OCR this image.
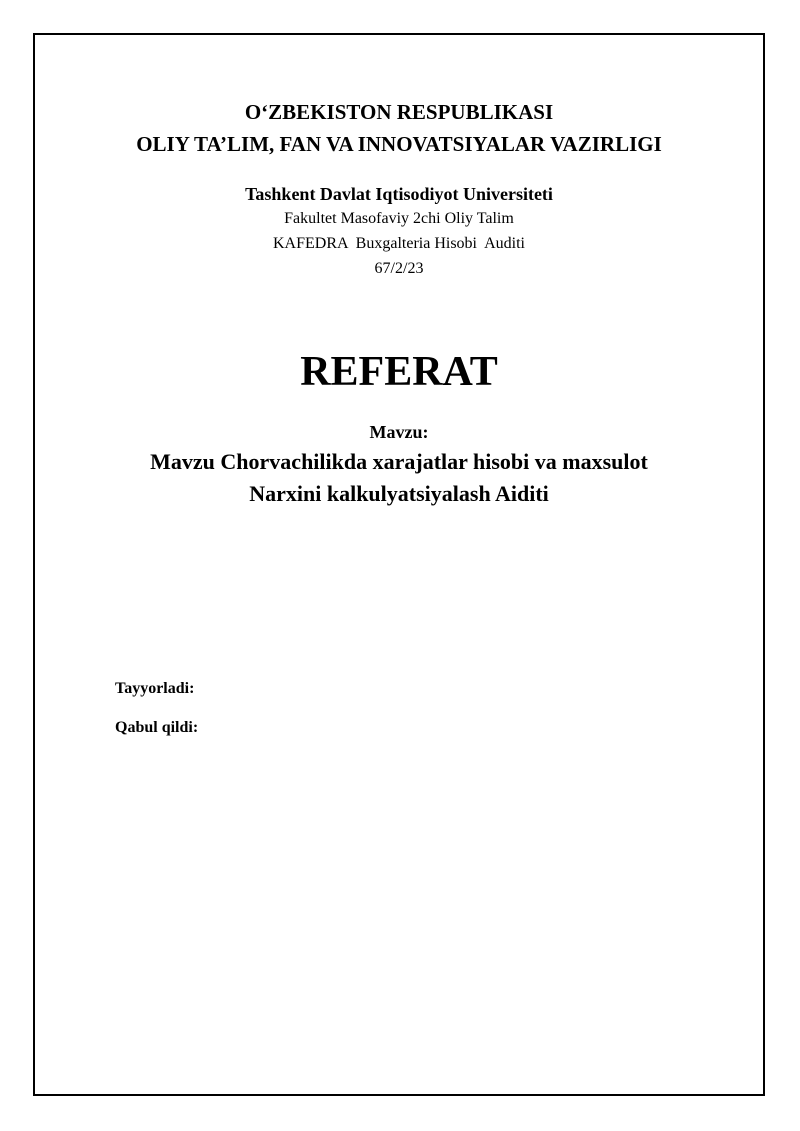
O‘ZBEKISTON RESPUBLIKASI
OLIY TA’LIM, FAN VA INNOVATSIYALAR VAZIRLIGI
Tashkent Davlat Iqtisodiyot Universiteti
Fakultet Masofaviy 2chi Oliy Talim
KAFEDRA  Buxgalteria Hisobi  Auditi
67/2/23
REFERAT
Mavzu:
Mavzu Chorvachilikda xarajatlar hisobi va maxsulot
Narxini kalkulyatsiyalash Aiditi
Tayyorladi:
Qabul qildi:
